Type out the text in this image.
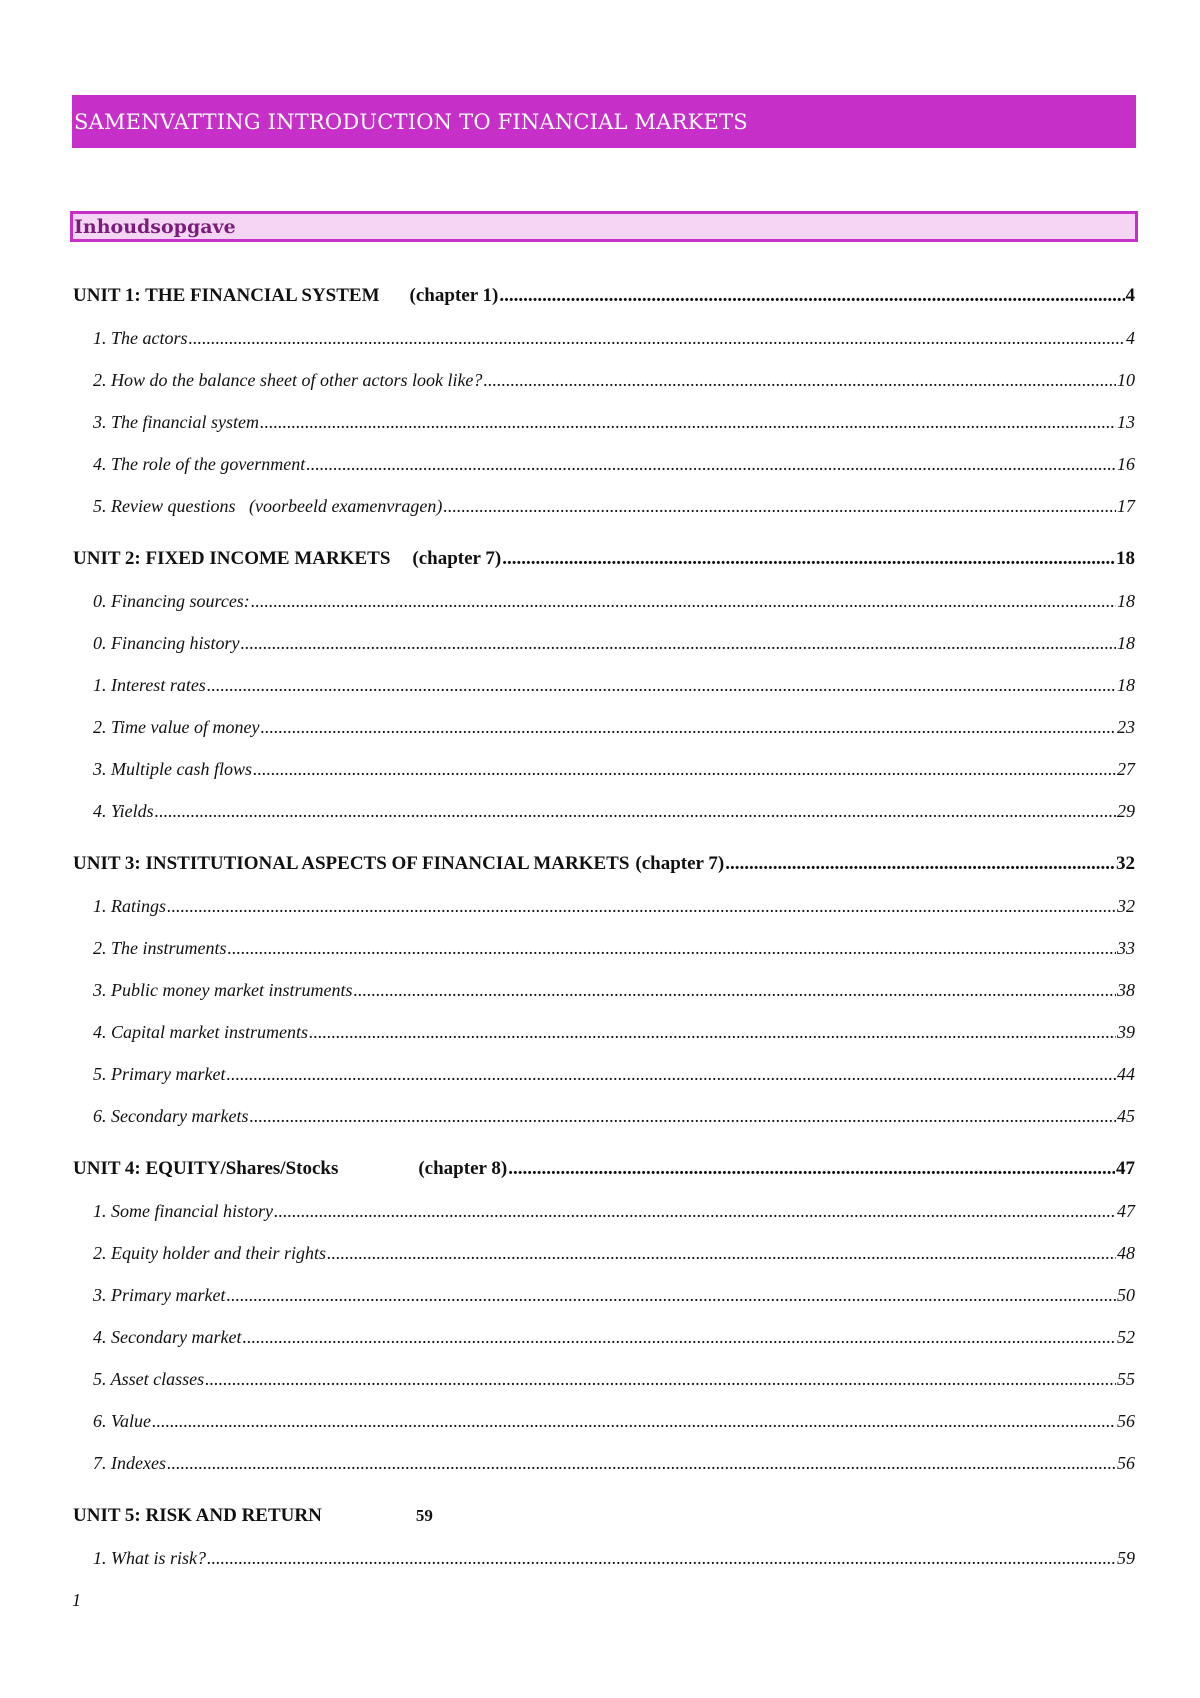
SAMENVATTING INTRODUCTION TO FINANCIAL MARKETS
Inhoudsopgave
UNIT 1: THE FINANCIAL SYSTEM (chapter 1) .....	4
1. The actors .....	4
2. How do the balance sheet of other actors look like? .....	10
3. The financial system .....	13
4. The role of the government .....	16
5. Review questions   (voorbeeld examenvragen) .....	17
UNIT 2: FIXED INCOME MARKETS (chapter 7) .....	18
0. Financing sources: .....	18
0. Financing history .....	18
1. Interest rates .....	18
2. Time value of money .....	23
3. Multiple cash flows .....	27
4. Yields .....	29
UNIT 3: INSTITUTIONAL ASPECTS OF FINANCIAL MARKETS (chapter 7) .....	32
1. Ratings .....	32
2. The instruments .....	33
3. Public money market instruments .....	38
4. Capital market instruments .....	39
5. Primary market .....	44
6. Secondary markets .....	45
UNIT 4: EQUITY/Shares/Stocks	(chapter 8) .....	47
1. Some financial history .....	47
2. Equity holder and their rights .....	48
3. Primary market .....	50
4. Secondary market .....	52
5. Asset classes .....	55
6. Value .....	56
7. Indexes .....	56
UNIT 5: RISK AND RETURN	59
1. What is risk? .....	59
1
